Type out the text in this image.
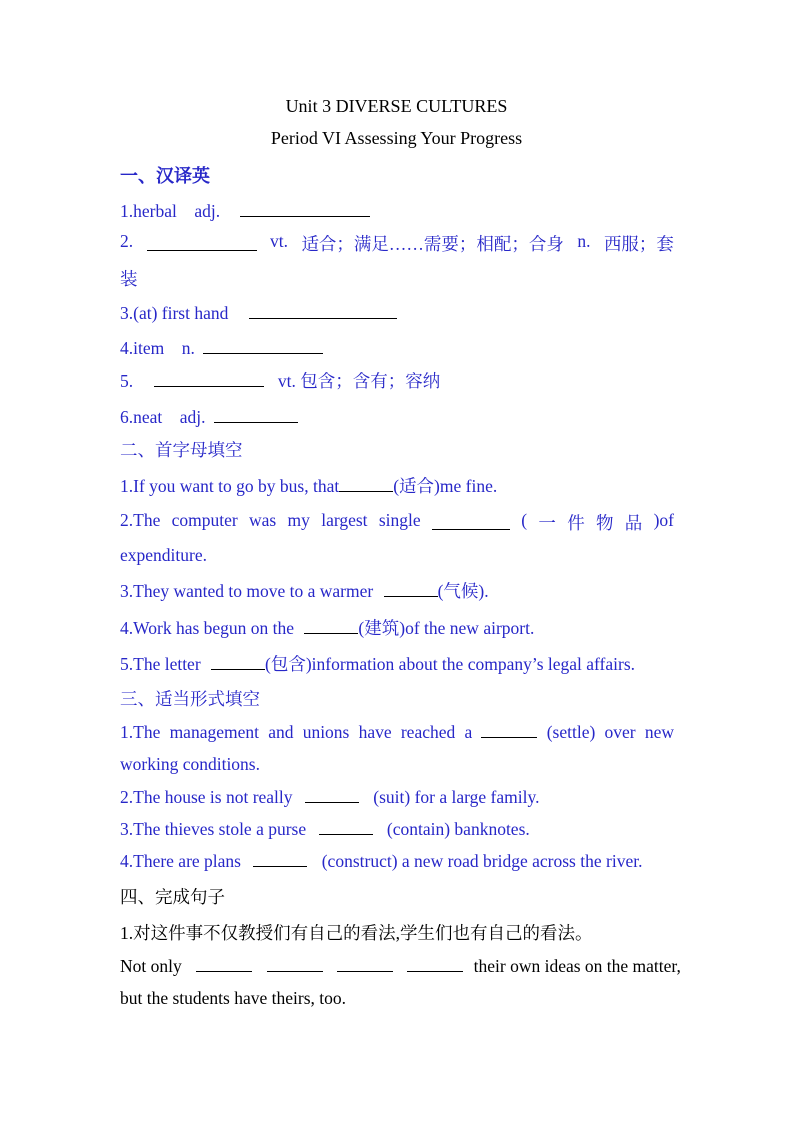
Unit 3 DIVERSE CULTURES
Period VI Assessing Your Progress
一、汉译英
1.herbal　adj.
2.	vt. 适合；满足……需要；相配；合身 n. 西服；套
装
3.(at) first hand
4.item　n.
5.	vt. 包含；含有；容纳
6.neat　adj.
二、首字母填空
1.If you want to go by bus, that	(适合)me fine.
2.The computer was my largest single	( 一 件 物 品 )of
expenditure.
3.They wanted to move to a warmer	(气候).
4.Work has begun on the	(建筑)of the new airport.
5.The letter	(包含)information about the company’s legal affairs.
三、适当形式填空
1.The management and unions have reached a	(settle) over new
working conditions.
2.The house is not really	(suit) for a large family.
3.The thieves stole a purse	(contain) banknotes.
4.There are plans	(construct) a new road bridge across the river.
四、完成句子
1.对这件事不仅教授们有自己的看法,学生们也有自己的看法。
Not only	their own ideas on the matter,
but the students have theirs, too.
